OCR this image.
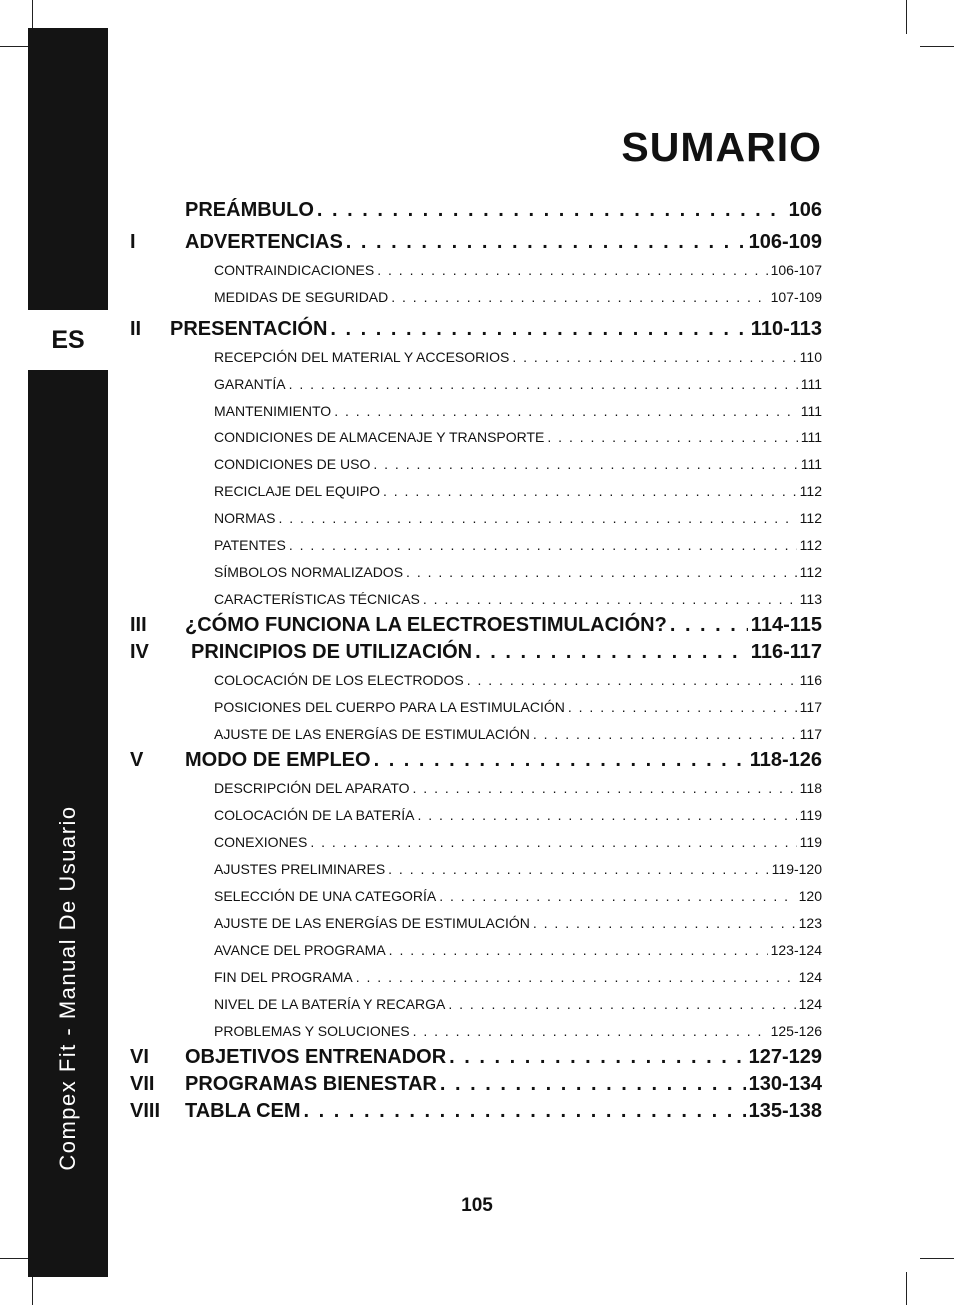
ES
Compex Fit - Manual De Usuario
SUMARIO
PREÁMBULO . . .	106
I	ADVERTENCIAS . . .	106-109
CONTRAINDICACIONES . . .	106-107
MEDIDAS DE SEGURIDAD . . .	107-109
II	PRESENTACIÓN . . .	110-113
RECEPCIÓN DEL MATERIAL Y ACCESORIOS . . .	110
GARANTÍA . . .	111
MANTENIMIENTO . . .	111
CONDICIONES DE ALMACENAJE Y TRANSPORTE . . .	111
CONDICIONES DE USO . . .	111
RECICLAJE DEL EQUIPO . . .	112
NORMAS . . .	112
PATENTES . . .	112
SÍMBOLOS NORMALIZADOS . . .	112
CARACTERÍSTICAS TÉCNICAS . . .	113
III	¿CÓMO FUNCIONA LA ELECTROESTIMULACIÓN? . . .	114-115
IV	PRINCIPIOS DE UTILIZACIÓN . . .	116-117
COLOCACIÓN DE LOS ELECTRODOS . . .	116
POSICIONES DEL CUERPO PARA LA ESTIMULACIÓN . . .	117
AJUSTE DE LAS ENERGÍAS DE ESTIMULACIÓN . . .	117
V	MODO DE EMPLEO . . .	118-126
DESCRIPCIÓN DEL APARATO . . .	118
COLOCACIÓN DE LA BATERÍA . . .	119
CONEXIONES . . .	119
AJUSTES PRELIMINARES . . .	119-120
SELECCIÓN DE UNA CATEGORÍA . . .	120
AJUSTE DE LAS ENERGÍAS DE ESTIMULACIÓN . . .	123
AVANCE DEL PROGRAMA . . .	123-124
FIN DEL PROGRAMA . . .	124
NIVEL DE LA BATERÍA Y RECARGA . . .	124
PROBLEMAS Y SOLUCIONES . . .	125-126
VI	OBJETIVOS ENTRENADOR . . .	127-129
VII	PROGRAMAS BIENESTAR . . .	130-134
VIII	TABLA CEM . . .	135-138
105
